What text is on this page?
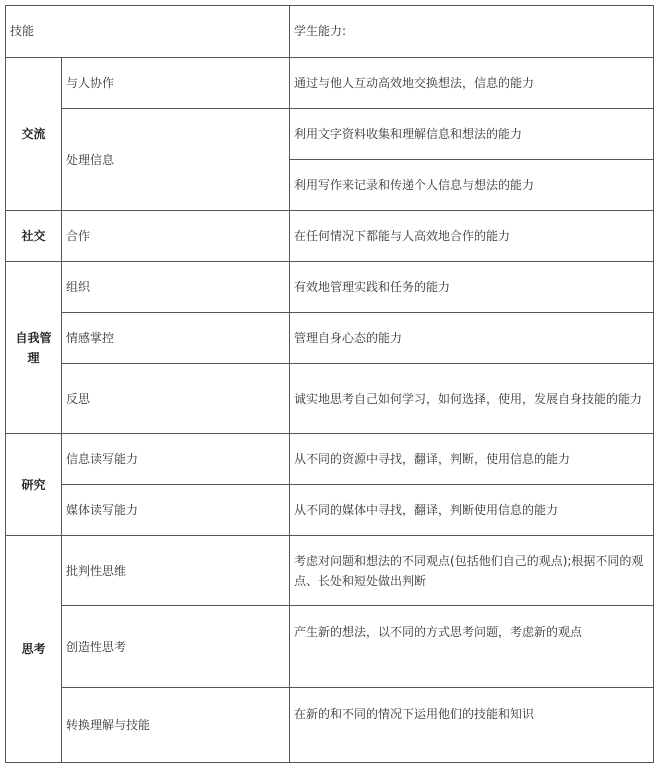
技能		学生能力:
交流	与人协作	通过与他人互动高效地交换想法，信息的能力
	处理信息	利用文字资料收集和理解信息和想法的能力
		利用写作来记录和传递个人信息与想法的能力
社交	合作	在任何情况下都能与人高效地合作的能力
自我管理	组织	有效地管理实践和任务的能力
	情感掌控	管理自身心态的能力
	反思	诚实地思考自己如何学习，如何选择，使用，发展自身技能的能力
研究	信息读写能力	从不同的资源中寻找，翻译，判断，使用信息的能力
	媒体读写能力	从不同的媒体中寻找，翻译，判断使用信息的能力
思考	批判性思维	考虑对问题和想法的不同观点(包括他们自己的观点);根据不同的观点、长处和短处做出判断
	创造性思考	产生新的想法，以不同的方式思考问题，考虑新的观点
	转换理解与技能	在新的和不同的情况下运用他们的技能和知识
